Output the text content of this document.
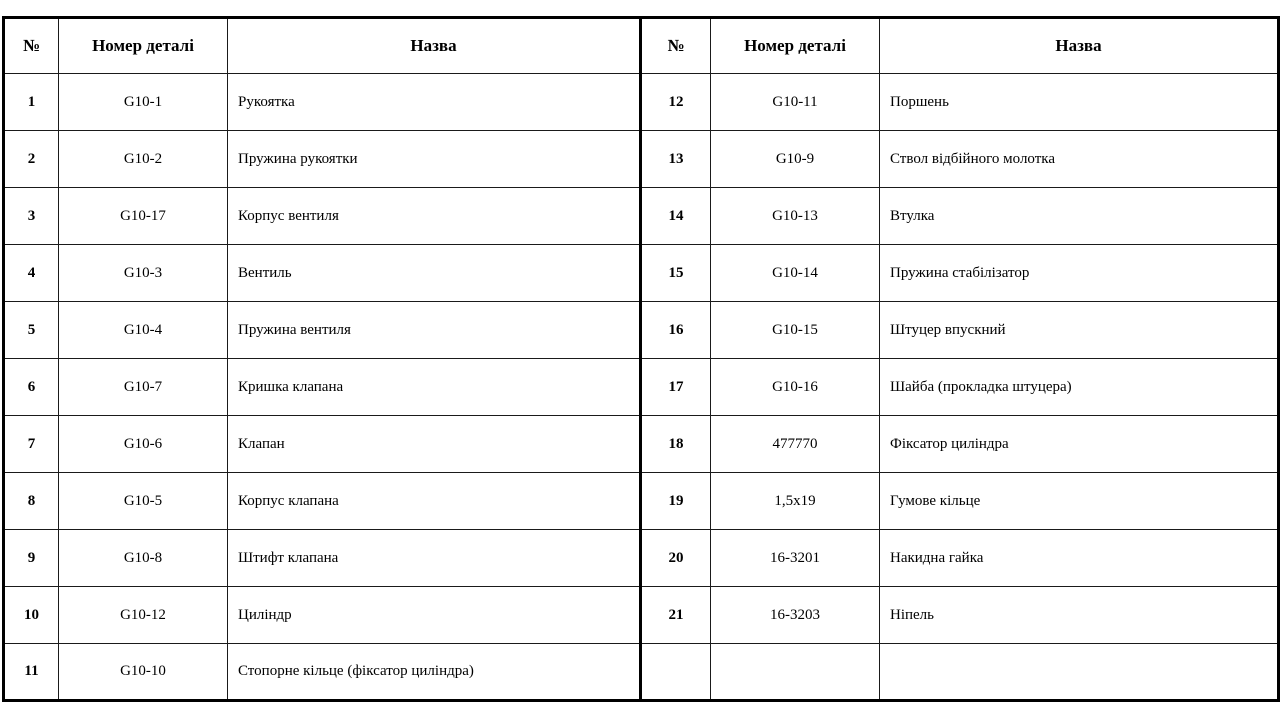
№	Номер деталі	Назва	№	Номер деталі	Назва
1	G10-1	Рукоятка	12	G10-11	Поршень
2	G10-2	Пружина рукоятки	13	G10-9	Ствол відбійного молотка
3	G10-17	Корпус вентиля	14	G10-13	Втулка
4	G10-3	Вентиль	15	G10-14	Пружина стабілізатор
5	G10-4	Пружина вентиля	16	G10-15	Штуцер впускний
6	G10-7	Кришка клапана	17	G10-16	Шайба (прокладка штуцера)
7	G10-6	Клапан	18	477770	Фіксатор циліндра
8	G10-5	Корпус клапана	19	1,5x19	Гумове кільце
9	G10-8	Штифт клапана	20	16-3201	Накидна гайка
10	G10-12	Циліндр	21	16-3203	Ніпель
11	G10-10	Стопорне кільце (фіксатор циліндра)			
